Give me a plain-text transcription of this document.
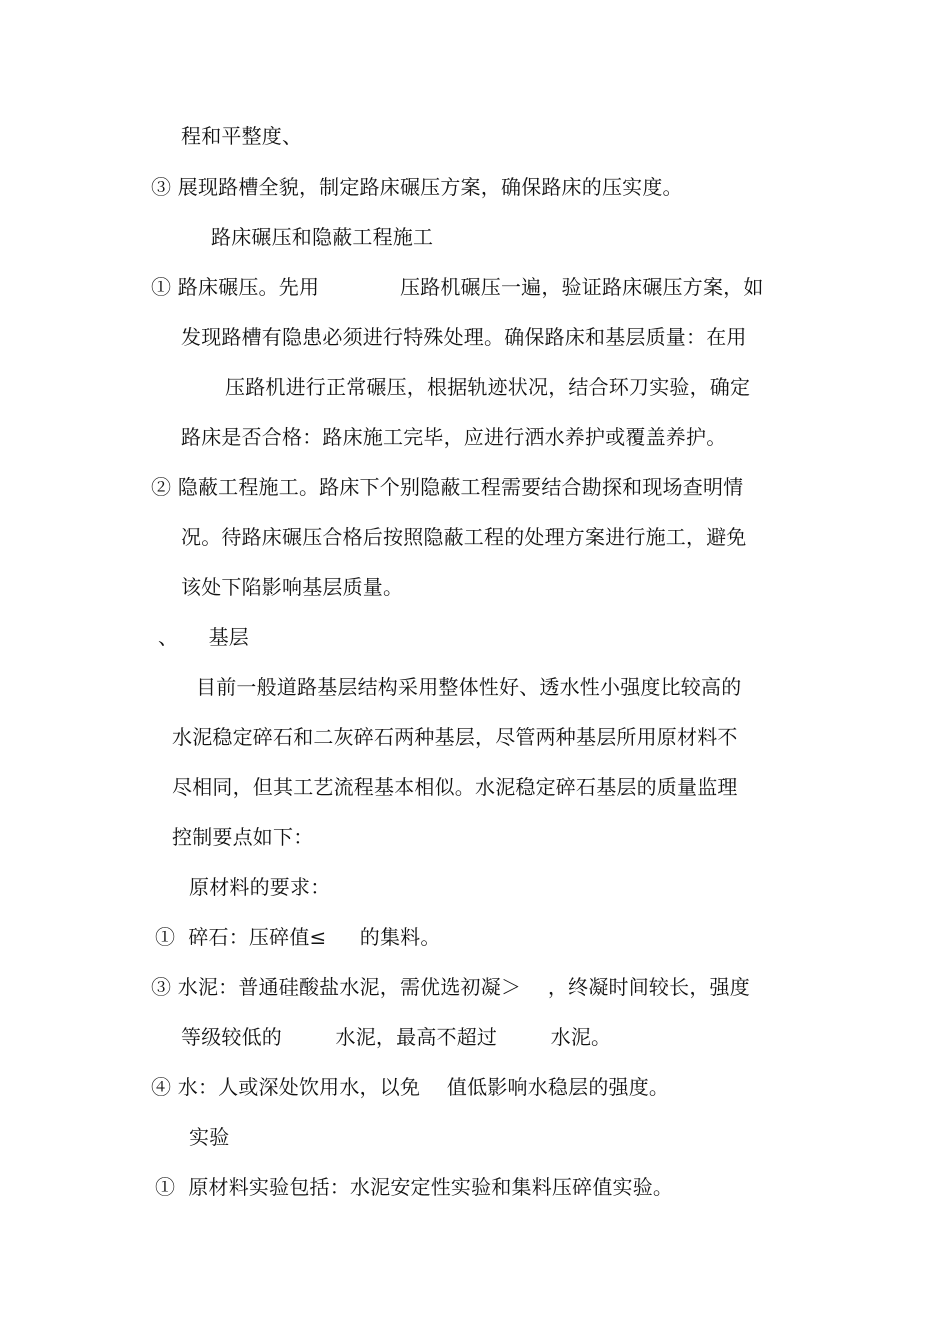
程和平整度、
③ 展现路槽全貌，制定路床碾压方案，确保路床的压实度。
路床碾压和隐蔽工程施工
① 路床碾压。先用　　　　压路机碾压一遍，验证路床碾压方案，如
发现路槽有隐患必须进行特殊处理。确保路床和基层质量：在用
压路机进行正常碾压，根据轨迹状况，结合环刀实验，确定
路床是否合格：路床施工完毕，应进行洒水养护或覆盖养护。
② 隐蔽工程施工。路床下个别隐蔽工程需要结合勘探和现场查明情
况。待路床碾压合格后按照隐蔽工程的处理方案进行施工，避免
该处下陷影响基层质量。
、　　基层
目前一般道路基层结构采用整体性好、透水性小强度比较高的
水泥稳定碎石和二灰碎石两种基层，尽管两种基层所用原材料不
尽相同，但其工艺流程基本相似。水泥稳定碎石基层的质量监理
控制要点如下：
原材料的要求：
①  碎石：压碎值≤　  的集料。
③ 水泥：普通硅酸盐水泥，需优选初凝＞　 ，终凝时间较长，强度
等级较低的　　  水泥，最高不超过　　  水泥。
④ 水：人或深处饮用水，以免　 值低影响水稳层的强度。
实验
①  原材料实验包括：水泥安定性实验和集料压碎值实验。
